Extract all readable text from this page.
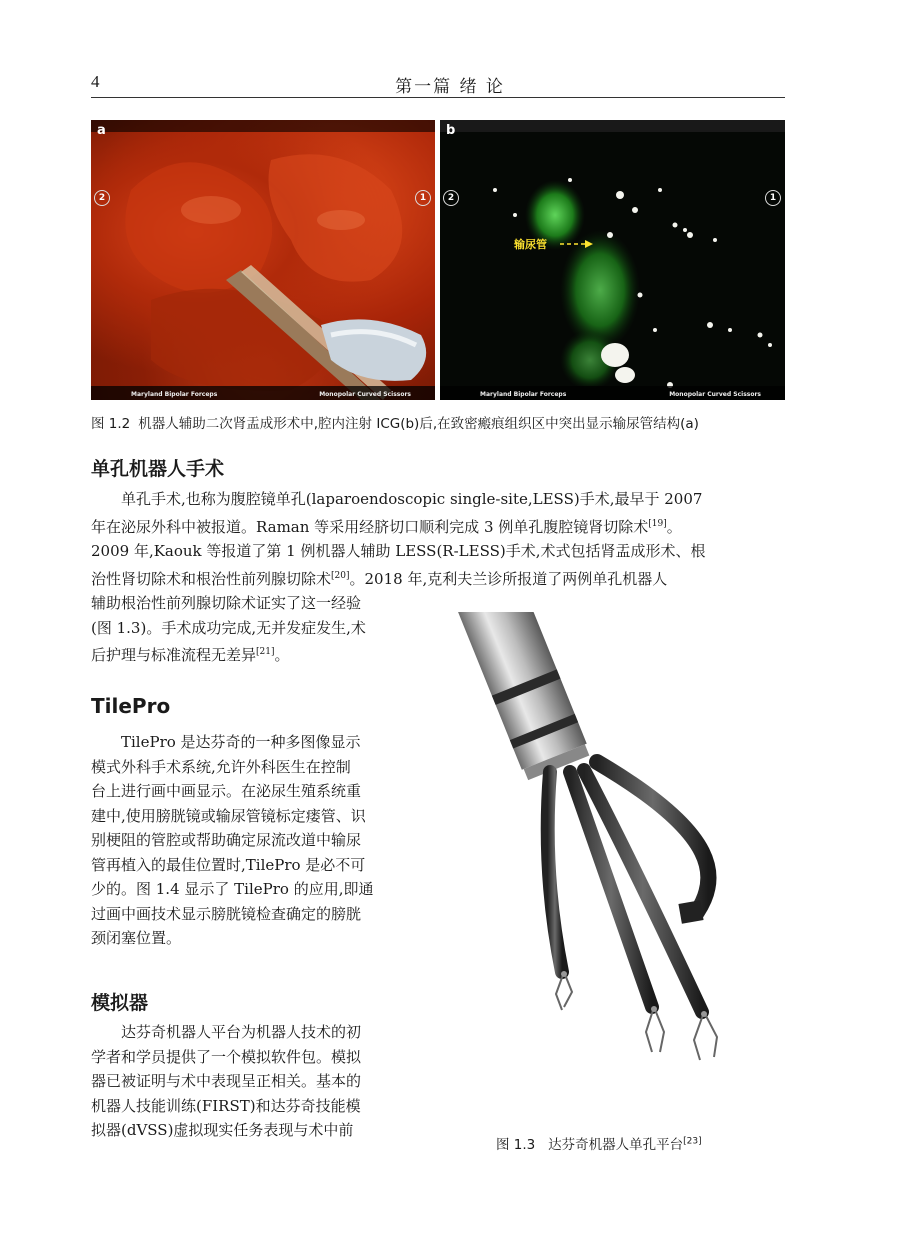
4	第一篇 绪 论
a
2	1
Maryland Bipolar Forceps	Monopolar Curved Scissors
b
2	1
输尿管
Maryland Bipolar Forceps	Monopolar Curved Scissors
图 1.2 机器人辅助二次肾盂成形术中,腔内注射 ICG(b)后,在致密瘢痕组织区中突出显示输尿管结构(a)
单孔机器人手术
单孔手术,也称为腹腔镜单孔(laparoendoscopic single-site,LESS)手术,最早于 2007
年在泌尿外科中被报道。Raman 等采用经脐切口顺利完成 3 例单孔腹腔镜肾切除术[19]。
2009 年,Kaouk 等报道了第 1 例机器人辅助 LESS(R-LESS)手术,术式包括肾盂成形术、根
治性肾切除术和根治性前列腺切除术[20]。2018 年,克利夫兰诊所报道了两例单孔机器人
辅助根治性前列腺切除术证实了这一经验
(图 1.3)。手术成功完成,无并发症发生,术
后护理与标准流程无差异[21]。
TilePro
TilePro 是达芬奇的一种多图像显示
模式外科手术系统,允许外科医生在控制
台上进行画中画显示。在泌尿生殖系统重
建中,使用膀胱镜或输尿管镜标定瘘管、识
别梗阻的管腔或帮助确定尿流改道中输尿
管再植入的最佳位置时,TilePro 是必不可
少的。图 1.4 显示了 TilePro 的应用,即通
过画中画技术显示膀胱镜检查确定的膀胱
颈闭塞位置。
模拟器
达芬奇机器人平台为机器人技术的初
学者和学员提供了一个模拟软件包。模拟
器已被证明与术中表现呈正相关。基本的
机器人技能训练(FIRST)和达芬奇技能模
拟器(dVSS)虚拟现实任务表现与术中前
图 1.3 达芬奇机器人单孔平台[23]
